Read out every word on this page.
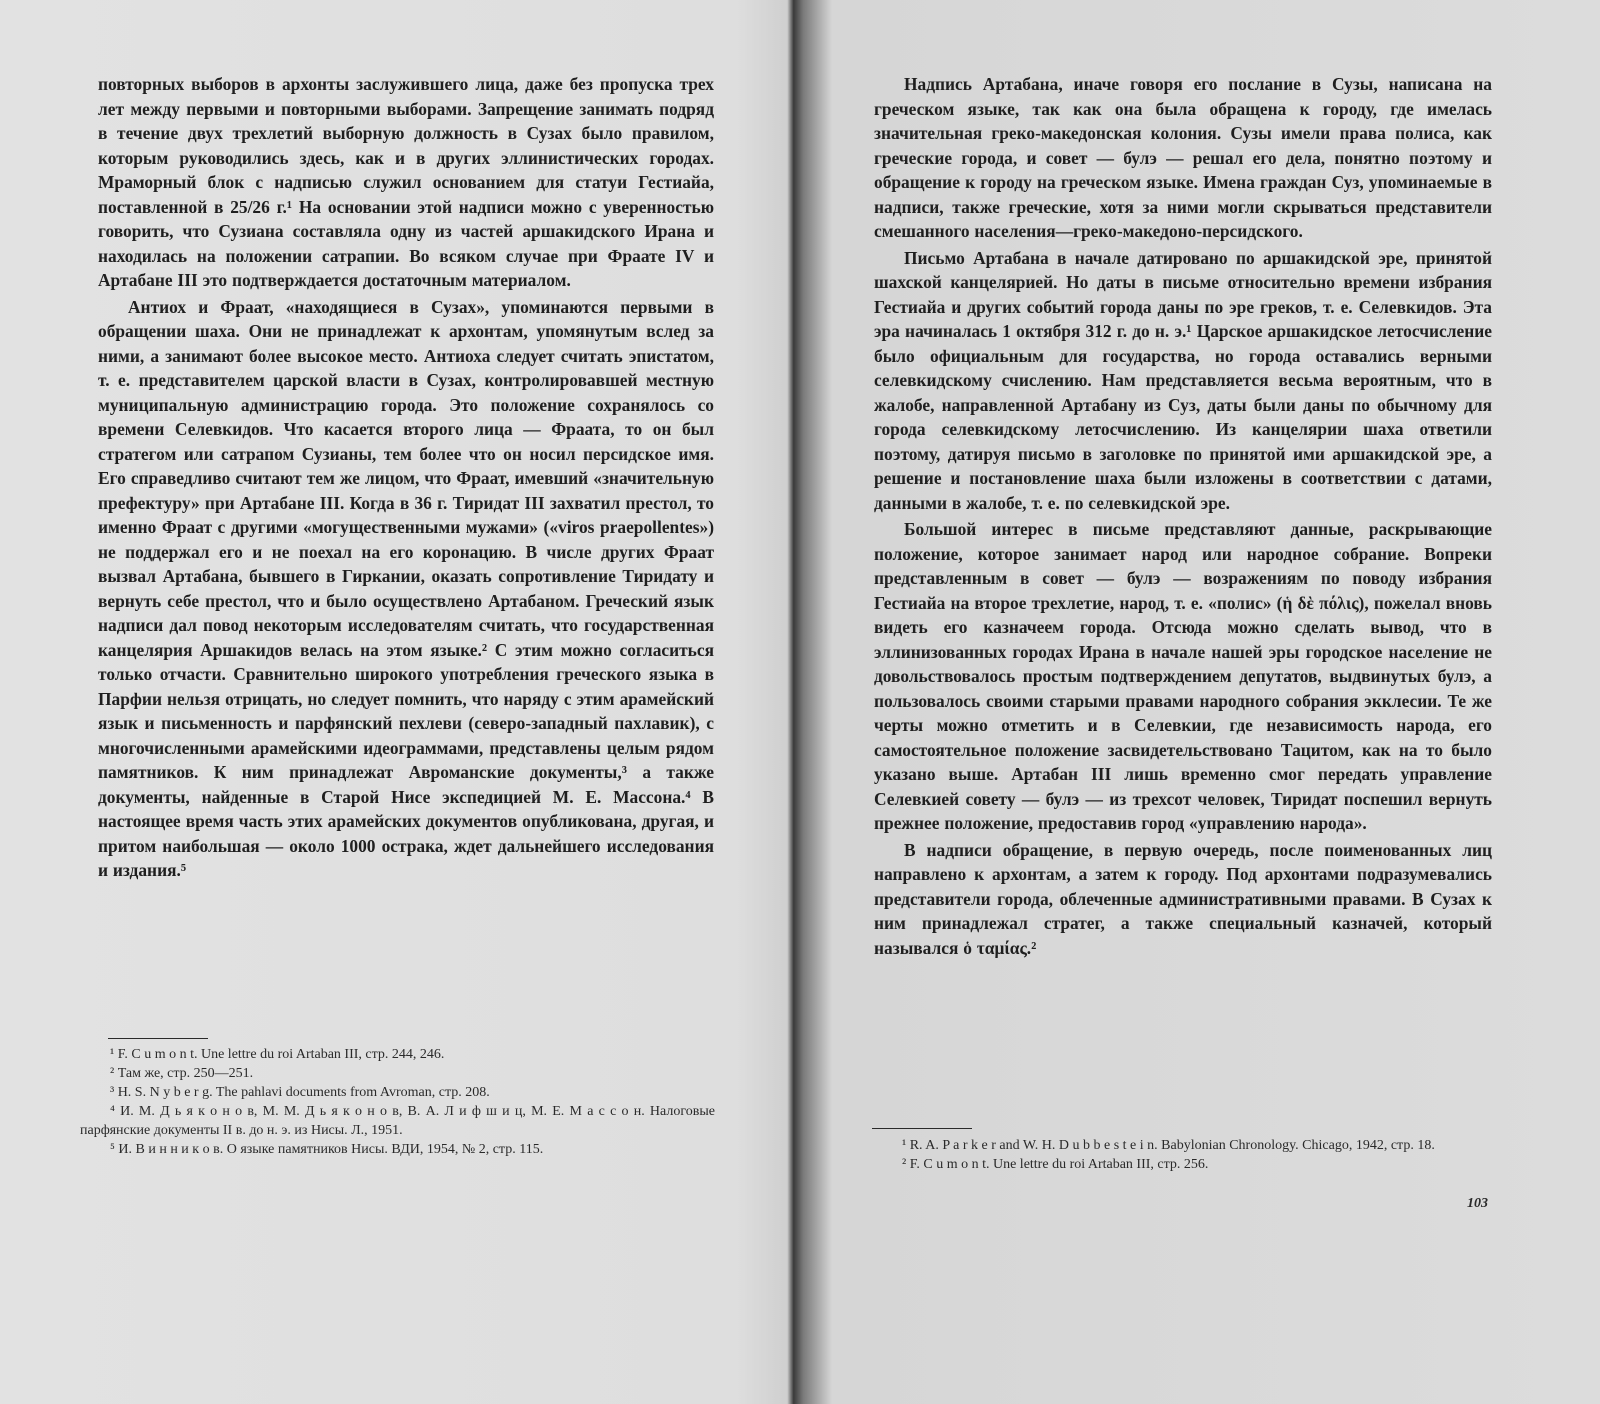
повторных выборов в архонты заслужившего лица, даже без пропуска трех лет между первыми и повторными выборами. Запрещение занимать подряд в течение двух трехлетий выборную должность в Сузах было правилом, которым руководились здесь, как и в других эллинистических городах. Мраморный блок с надписью служил основанием для статуи Гестиайа, поставленной в 25/26 г.¹ На основании этой надписи можно с уверенностью говорить, что Сузиана составляла одну из частей аршакидского Ирана и находилась на положении сатрапии. Во всяком случае при Фраате IV и Артабане III это подтверждается достаточным материалом.

Антиох и Фраат, «находящиеся в Сузах», упоминаются первыми в обращении шаха. Они не принадлежат к архонтам, упомянутым вслед за ними, а занимают более высокое место. Антиоха следует считать эпистатом, т. е. представителем царской власти в Сузах, контролировавшей местную муниципальную администрацию города. Это положение сохранялось со времени Селевкидов. Что касается второго лица — Фраата, то он был стратегом или сатрапом Сузианы, тем более что он носил персидское имя. Его справедливо считают тем же лицом, что Фраат, имевший «значительную префектуру» при Артабане III. Когда в 36 г. Тиридат III захватил престол, то именно Фраат с другими «могущественными мужами» («viros praepollentes») не поддержал его и не поехал на его коронацию. В числе других Фраат вызвал Артабана, бывшего в Гиркании, оказать сопротивление Тиридату и вернуть себе престол, что и было осуществлено Артабаном. Греческий язык надписи дал повод некоторым исследователям считать, что государственная канцелярия Аршакидов велась на этом языке.² С этим можно согласиться только отчасти. Сравнительно широкого употребления греческого языка в Парфии нельзя отрицать, но следует помнить, что наряду с этим арамейский язык и письменность и парфянский пехлеви (северо-западный пахлавик), с многочисленными арамейскими идеограммами, представлены целым рядом памятников. К ним принадлежат Авроманские документы,³ а также документы, найденные в Старой Нисе экспедицией М. Е. Массона.⁴ В настоящее время часть этих арамейских документов опубликована, другая, и притом наибольшая — около 1000 острака, ждет дальнейшего исследования и издания.⁵

¹ F. C u m o n t. Une lettre du roi Artaban III, стр. 244, 246.

² Там же, стр. 250—251.

³ H. S. N y b e r g. The pahlavi documents from Avroman, стр. 208.

⁴ И. М. Д ь я к о н о в, М. М. Д ь я к о н о в, В. А. Л и ф ш и ц, М. Е. М а с с о н. Налоговые парфянские документы II в. до н. э. из Нисы. Л., 1951.

⁵ И. В и н н и к о в. О языке памятников Нисы. ВДИ, 1954, № 2, стр. 115.

Надпись Артабана, иначе говоря его послание в Сузы, написана на греческом языке, так как она была обращена к городу, где имелась значительная греко-македонская колония. Сузы имели права полиса, как греческие города, и совет — булэ — решал его дела, понятно поэтому и обращение к городу на греческом языке. Имена граждан Суз, упоминаемые в надписи, также греческие, хотя за ними могли скрываться представители смешанного населения—греко-македоно-персидского.

Письмо Артабана в начале датировано по аршакидской эре, принятой шахской канцелярией. Но даты в письме относительно времени избрания Гестиайа и других событий города даны по эре греков, т. е. Селевкидов. Эта эра начиналась 1 октября 312 г. до н. э.¹ Царское аршакидское летосчисление было официальным для государства, но города оставались верными селевкидскому счислению. Нам представляется весьма вероятным, что в жалобе, направленной Артабану из Суз, даты были даны по обычному для города селевкидскому летосчислению. Из канцелярии шаха ответили поэтому, датируя письмо в заголовке по принятой ими аршакидской эре, а решение и постановление шаха были изложены в соответствии с датами, данными в жалобе, т. е. по селевкидской эре.

Большой интерес в письме представляют данные, раскрывающие положение, которое занимает народ или народное собрание. Вопреки представленным в совет — булэ — возражениям по поводу избрания Гестиайа на второе трехлетие, народ, т. е. «полис» (ἡ δὲ πόλις), пожелал вновь видеть его казначеем города. Отсюда можно сделать вывод, что в эллинизованных городах Ирана в начале нашей эры городское население не довольствовалось простым подтверждением депутатов, выдвинутых булэ, а пользовалось своими старыми правами народного собрания экклесии. Те же черты можно отметить и в Селевкии, где независимость народа, его самостоятельное положение засвидетельствовано Тацитом, как на то было указано выше. Артабан III лишь временно смог передать управление Селевкией совету — булэ — из трехсот человек, Тиридат поспешил вернуть прежнее положение, предоставив город «управлению народа».

В надписи обращение, в первую очередь, после поименованных лиц направлено к архонтам, а затем к городу. Под архонтами подразумевались представители города, облеченные административными правами. В Сузах к ним принадлежал стратег, а также специальный казначей, который назывался ὁ ταμίας.²

¹ R. A. P a r k e r and W. H. D u b b e s t e i n. Babylonian Chronology. Chicago, 1942, стр. 18.

² F. C u m o n t. Une lettre du roi Artaban III, стр. 256.

103
